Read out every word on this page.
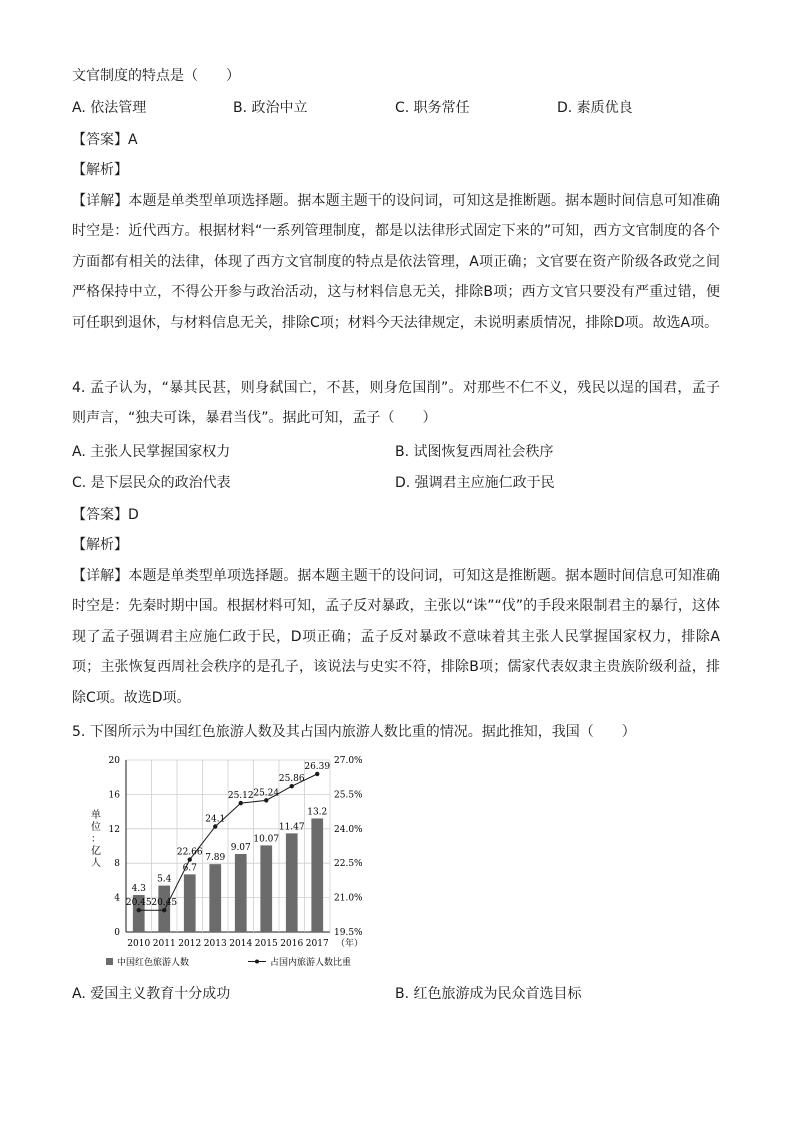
文官制度的特点是（　　）
A. 依法管理	B. 政治中立	C. 职务常任	D. 素质优良
【答案】A
【解析】
【详解】本题是单类型单项选择题。据本题主题干的设问词，可知这是推断题。据本题时间信息可知准确时空是：近代西方。根据材料“一系列管理制度，都是以法律形式固定下来的”可知，西方文官制度的各个方面都有相关的法律，体现了西方文官制度的特点是依法管理，A项正确；文官要在资产阶级各政党之间严格保持中立，不得公开参与政治活动，这与材料信息无关，排除B项；西方文官只要没有严重过错，便可任职到退休，与材料信息无关，排除C项；材料今天法律规定，未说明素质情况，排除D项。故选A项。
4. 孟子认为，“暴其民甚，则身弑国亡，不甚，则身危国削”。对那些不仁不义，残民以逞的国君，孟子则声言，“独夫可诛，暴君当伐”。据此可知，孟子（　　）
A. 主张人民掌握国家权力	B. 试图恢复西周社会秩序
C. 是下层民众的政治代表	D. 强调君主应施仁政于民
【答案】D
【解析】
【详解】本题是单类型单项选择题。据本题主题干的设问词，可知这是推断题。据本题时间信息可知准确时空是：先秦时期中国。根据材料可知，孟子反对暴政，主张以“诛”“伐”的手段来限制君主的暴行，这体现了孟子强调君主应施仁政于民，D项正确；孟子反对暴政不意味着其主张人民掌握国家权力，排除A项；主张恢复西周社会秩序的是孔子，该说法与史实不符，排除B项；儒家代表奴隶主贵族阶级利益，排除C项。故选D项。
5. 下图所示为中国红色旅游人数及其占国内旅游人数比重的情况。据此推知，我国（　　）
0
4
8
12
16
20
19.5%
21.0%
22.5%
24.0%
25.5%
27.0%
4.3
5.4
6.7
7.89
9.07
10.07
11.47
13.2
20.45 20.45
22.66
24.1
25.12 25.24
25.86
26.39
2010 2011 2012 2013 2014 2015 2016 2017 （年）
单位：亿人
中国红色旅游人数	占国内旅游人数比重
A. 爱国主义教育十分成功	B. 红色旅游成为民众首选目标
